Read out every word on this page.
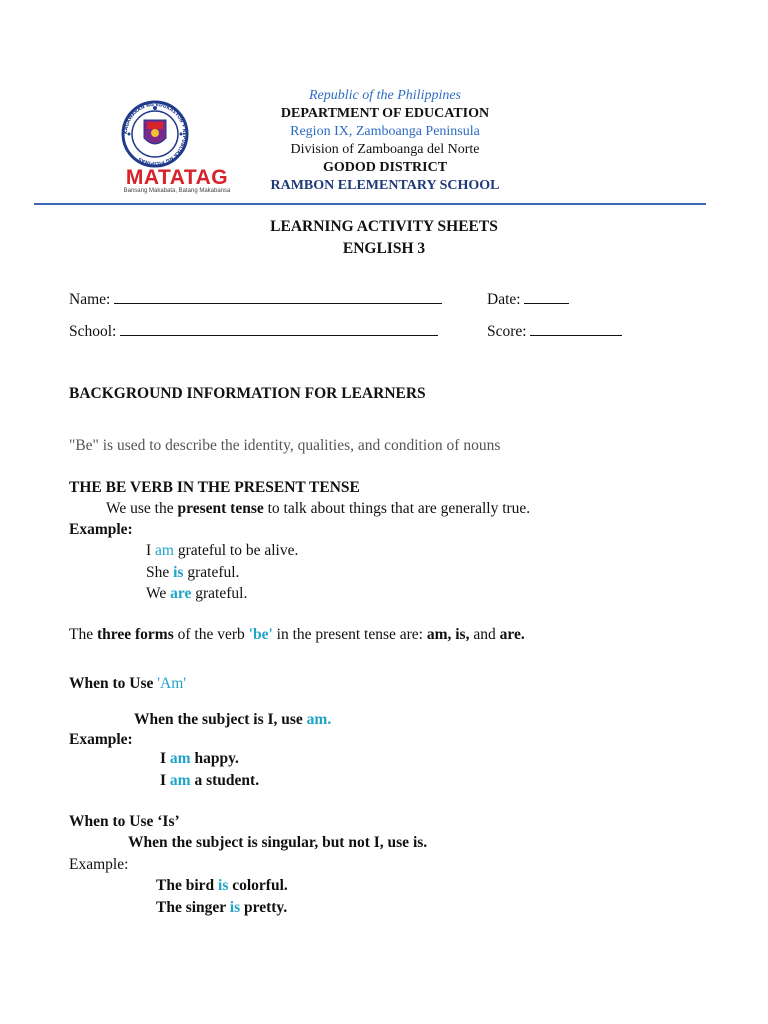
KAGAWARAN NG EDUKASYON • REPUBLIKA NG PILIPINAS
MATATAG
Bansang Makabata, Batang Makabansa
Republic of the Philippines
DEPARTMENT OF EDUCATION
Region IX, Zamboanga Peninsula
Division of Zamboanga del Norte
GODOD DISTRICT
RAMBON ELEMENTARY SCHOOL
LEARNING ACTIVITY SHEETS
ENGLISH 3
Name:	Date:
School:	Score:
BACKGROUND INFORMATION FOR LEARNERS
"Be" is used to describe the identity, qualities, and condition of nouns
THE BE VERB IN THE PRESENT TENSE
We use the present tense to talk about things that are generally true.
Example:
I am grateful to be alive.
She is grateful.
We are grateful.
The three forms of the verb 'be' in the present tense are: am, is, and are.
When to Use 'Am'
When the subject is I, use am.
Example:
I am happy.
I am a student.
When to Use ‘Is’
When the subject is singular, but not I, use is.
Example:
The bird is colorful.
The singer is pretty.
